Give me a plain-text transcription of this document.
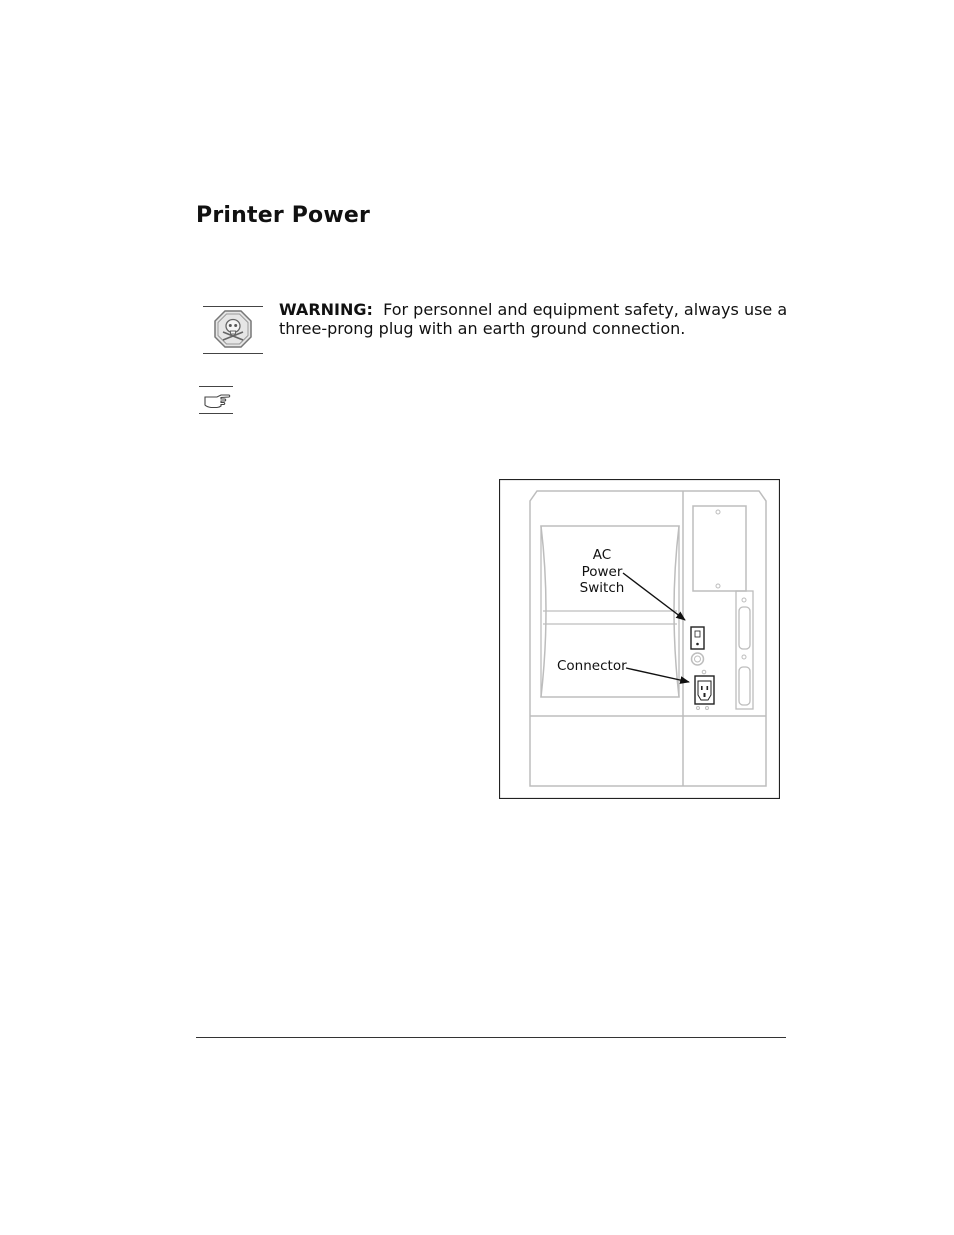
Printer Power

WARNING: For personnel and equipment safety, always use a three-prong plug with an earth ground connection.

AC
Power
Switch
Connector
